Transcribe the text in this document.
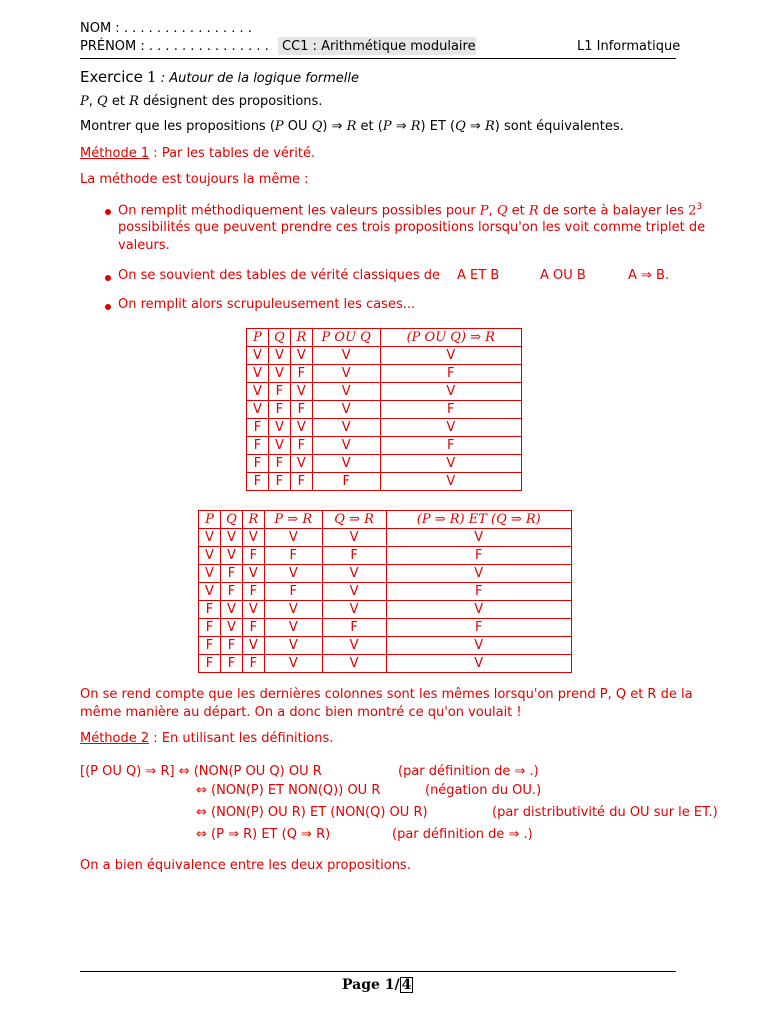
NOM : . . . . . . . . . . . . . . . .
PRÉNOM : . . . . . . . . . . . . . . . CC1 : Arithmétique modulaire	L1 Informatique
Exercice 1 : Autour de la logique formelle
P, Q et R désignent des propositions.
Montrer que les propositions (P OU Q) ⇒ R et (P ⇒ R) ET (Q ⇒ R) sont équivalentes.
Méthode 1 : Par les tables de vérité.
La méthode est toujours la même :
On remplit méthodiquement les valeurs possibles pour P, Q et R de sorte à balayer les $2^3$
possibilités que peuvent prendre ces trois propositions lorsqu'on les voit comme triplet de
valeurs.
On se souvient des tables de vérité classiques de A ET B	A OU B	A ⇒ B.
On remplit alors scrupuleusement les cases...
P	Q	R	P OU Q	(P OU Q) ⇒ R
V	V	V	V	V
V	V	F	V	F
V	F	V	V	V
V	F	F	V	F
F	V	V	V	V
F	V	F	V	F
F	F	V	V	V
F	F	F	F	V
P	Q	R	P ⇒ R	Q ⇒ R	(P ⇒ R) ET (Q ⇒ R)
V	V	V	V	V	V
V	V	F	F	F	F
V	F	V	V	V	V
V	F	F	F	V	F
F	V	V	V	V	V
F	V	F	V	F	F
F	F	V	V	V	V
F	F	F	V	V	V
On se rend compte que les dernières colonnes sont les mêmes lorsqu'on prend P, Q et R de la
même manière au départ. On a donc bien montré ce qu'on voulait !
Méthode 2 : En utilisant les définitions.
[(P OU Q) ⇒ R] ⇔ (NON(P OU Q) OU R	(par définition de ⇒ .)
⇔ (NON(P) ET NON(Q)) OU R	(négation du OU.)
⇔ (NON(P) OU R) ET (NON(Q) OU R)	(par distributivité du OU sur le ET.)
⇔ (P ⇒ R) ET (Q ⇒ R)	(par définition de ⇒ .)
On a bien équivalence entre les deux propositions.
Page 1/ 4
